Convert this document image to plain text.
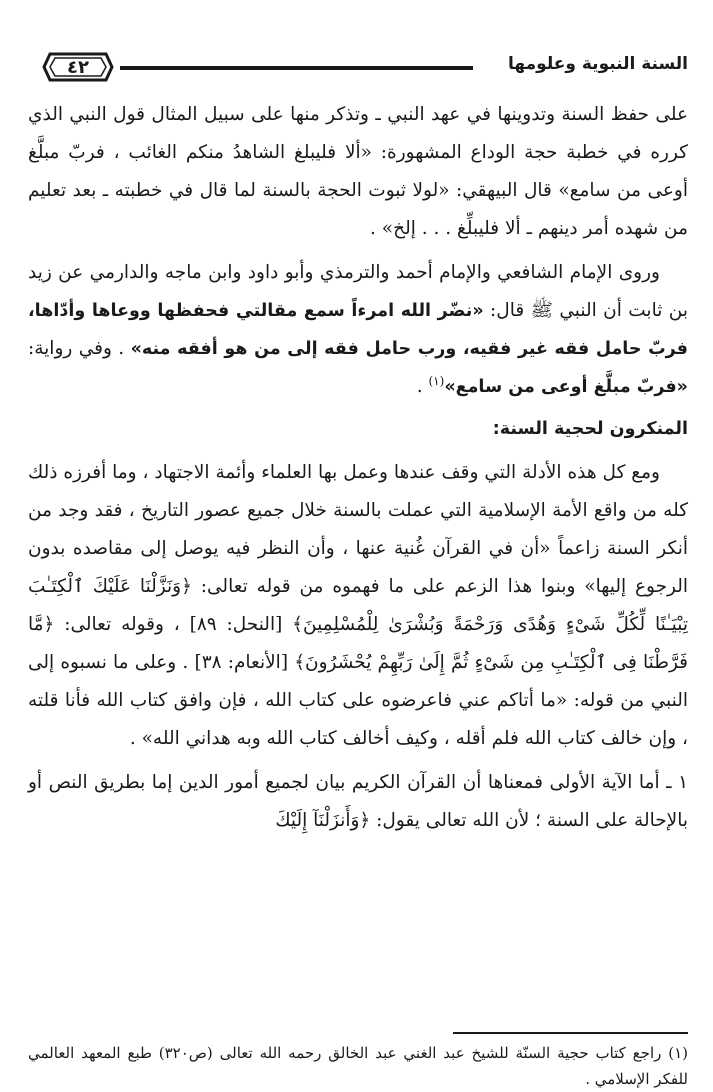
السنة النبوية وعلومها
٤٢

على حفظ السنة وتدوينها في عهد النبي ـ وتذكر منها على سبيل المثال قول النبي الذي كرره في خطبة حجة الوداع المشهورة: «ألا فليبلغ الشاهدُ منكم الغائب ، فربّ مبلَّغ أوعى من سامع» قال البيهقي: «لولا ثبوت الحجة بالسنة لما قال في خطبته ـ بعد تعليم من شهده أمر دينهم ـ ألا فليبلِّغ . . . إلخ» .

وروى الإمام الشافعي والإمام أحمد والترمذي وأبو داود وابن ماجه والدارمي عن زيد بن ثابت أن النبي ﷺ قال: «نضّر الله امرءاً سمع مقالتي فحفظها ووعاها وأدّاها، فربّ حامل فقه غير فقيه، ورب حامل فقه إلى من هو أفقه منه» . وفي رواية: «فربّ مبلَّغ أوعى من سامع»$^{(١)}$ .

المنكرون لحجية السنة:

ومع كل هذه الأدلة التي وقف عندها وعمل بها العلماء وأئمة الاجتهاد ، وما أفرزه ذلك كله من واقع الأمة الإسلامية التي عملت بالسنة خلال جميع عصور التاريخ ، فقد وجد من أنكر السنة زاعماً «أن في القرآن غُنية عنها ، وأن النظر فيه يوصل إلى مقاصده بدون الرجوع إليها» وبنوا هذا الزعم على ما فهموه من قوله تعالى: ﴿وَنَزَّلْنَا عَلَيْكَ ٱلْكِتَـٰبَ تِبْيَـٰنًا لِّكُلِّ شَىْءٍ وَهُدًى وَرَحْمَةً وَبُشْرَىٰ لِلْمُسْلِمِينَ﴾ [النحل: ٨٩] ، وقوله تعالى: ﴿مَّا فَرَّطْنَا فِى ٱلْكِتَـٰبِ مِن شَىْءٍ ثُمَّ إِلَىٰ رَبِّهِمْ يُحْشَرُونَ﴾ [الأنعام: ٣٨] . وعلى ما نسبوه إلى النبي من قوله: «ما أتاكم عني فاعرضوه على كتاب الله ، فإن وافق كتاب الله فأنا قلته ، وإن خالف كتاب الله فلم أقله ، وكيف أخالف كتاب الله وبه هداني الله» .

١ ـ أما الآية الأولى فمعناها أن القرآن الكريم بيان لجميع أمور الدين إما بطريق النص أو بالإحالة على السنة ؛ لأن الله تعالى يقول: ﴿وَأَنزَلْنَآ إِلَيْكَ

(١) راجع كتاب حجية السنّة للشيخ عبد الغني عبد الخالق رحمه الله تعالى (ص٣٢٠) طبع المعهد العالمي للفكر الإسلامي .
